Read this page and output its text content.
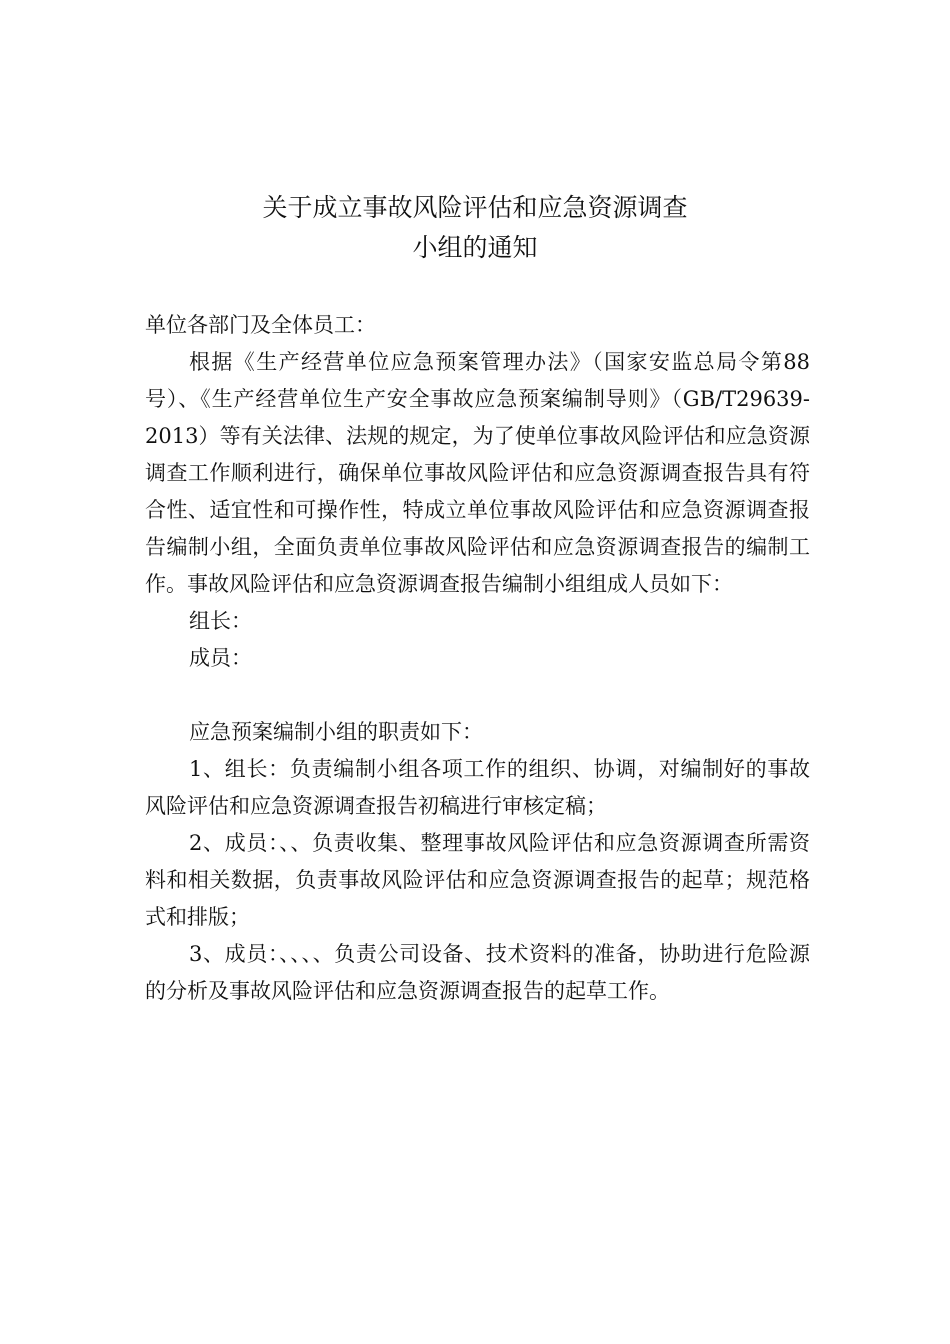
关于成立事故风险评估和应急资源调查
小组的通知

单位各部门及全体员工：

根据《生产经营单位应急预案管理办法》（国家安监总局令第88号）、《生产经营单位生产安全事故应急预案编制导则》（GB/T29639-2013）等有关法律、法规的规定，为了使单位事故风险评估和应急资源调查工作顺利进行，确保单位事故风险评估和应急资源调查报告具有符合性、适宜性和可操作性，特成立单位事故风险评估和应急资源调查报告编制小组，全面负责单位事故风险评估和应急资源调查报告的编制工作。事故风险评估和应急资源调查报告编制小组组成人员如下：

组长：

成员：

应急预案编制小组的职责如下：

1、组长：负责编制小组各项工作的组织、协调，对编制好的事故风险评估和应急资源调查报告初稿进行审核定稿；

2、成员：、、负责收集、整理事故风险评估和应急资源调查所需资料和相关数据，负责事故风险评估和应急资源调查报告的起草；规范格式和排版；

3、成员：、、、、负责公司设备、技术资料的准备，协助进行危险源的分析及事故风险评估和应急资源调查报告的起草工作。
